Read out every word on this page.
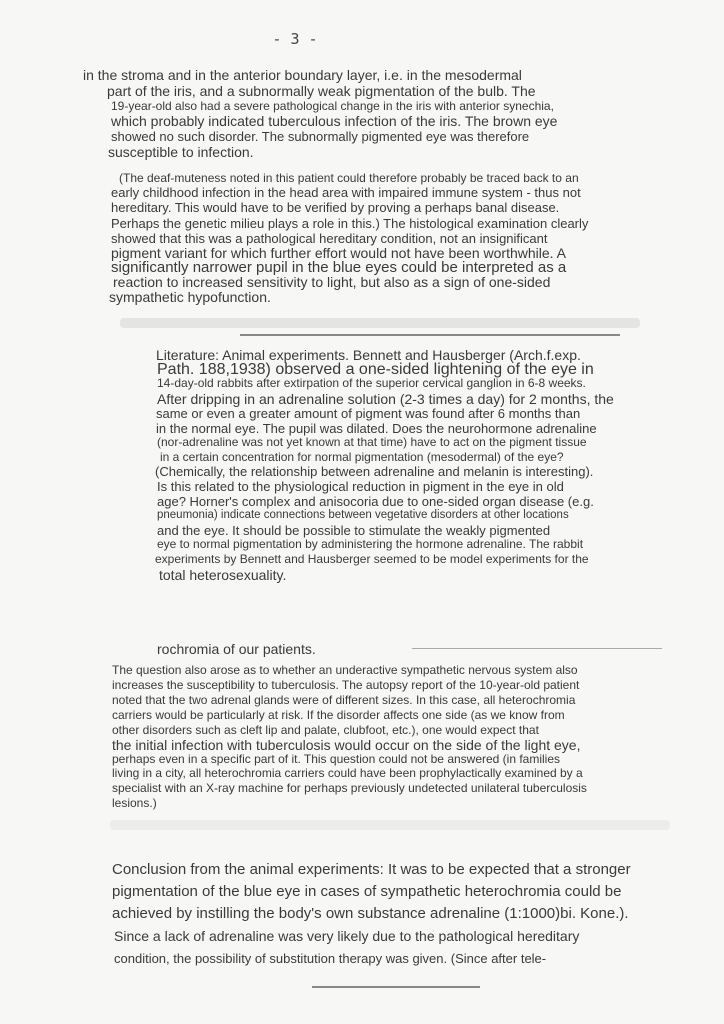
- 3 -
in the stroma and in the anterior boundary layer, i.e. in the mesodermal
part of the iris, and a subnormally weak pigmentation of the bulb. The
19-year-old also had a severe pathological change in the iris with anterior synechia,
which probably indicated tuberculous infection of the iris. The brown eye
showed no such disorder. The subnormally pigmented eye was therefore
susceptible to infection.
(The deaf-muteness noted in this patient could therefore probably be traced back to an
early childhood infection in the head area with impaired immune system - thus not
hereditary. This would have to be verified by proving a perhaps banal disease.
Perhaps the genetic milieu plays a role in this.) The histological examination clearly
showed that this was a pathological hereditary condition, not an insignificant
pigment variant for which further effort would not have been worthwhile. A
significantly narrower pupil in the blue eyes could be interpreted as a
reaction to increased sensitivity to light, but also as a sign of one-sided
sympathetic hypofunction.
Literature: Animal experiments. Bennett and Hausberger (Arch.f.exp.
Path. 188,1938) observed a one-sided lightening of the eye in
14-day-old rabbits after extirpation of the superior cervical ganglion in 6-8 weeks.
After dripping in an adrenaline solution (2-3 times a day) for 2 months, the
same or even a greater amount of pigment was found after 6 months than
in the normal eye. The pupil was dilated. Does the neurohormone adrenaline
(nor-adrenaline was not yet known at that time) have to act on the pigment tissue
in a certain concentration for normal pigmentation (mesodermal) of the eye?
(Chemically, the relationship between adrenaline and melanin is interesting).
Is this related to the physiological reduction in pigment in the eye in old
age? Horner's complex and anisocoria due to one-sided organ disease (e.g.
pneumonia) indicate connections between vegetative disorders at other locations
and the eye. It should be possible to stimulate the weakly pigmented
eye to normal pigmentation by administering the hormone adrenaline. The rabbit
experiments by Bennett and Hausberger seemed to be model experiments for the
total heterosexuality.
rochromia of our patients.
The question also arose as to whether an underactive sympathetic nervous system also
increases the susceptibility to tuberculosis. The autopsy report of the 10-year-old patient
noted that the two adrenal glands were of different sizes. In this case, all heterochromia
carriers would be particularly at risk. If the disorder affects one side (as we know from
other disorders such as cleft lip and palate, clubfoot, etc.), one would expect that
the initial infection with tuberculosis would occur on the side of the light eye,
perhaps even in a specific part of it. This question could not be answered (in families
living in a city, all heterochromia carriers could have been prophylactically examined by a
specialist with an X-ray machine for perhaps previously undetected unilateral tuberculosis
lesions.)
Conclusion from the animal experiments: It was to be expected that a stronger
pigmentation of the blue eye in cases of sympathetic heterochromia could be
achieved by instilling the body's own substance adrenaline (1:1000)bi. Kone.).
Since a lack of adrenaline was very likely due to the pathological hereditary
condition, the possibility of substitution therapy was given. (Since after tele-
